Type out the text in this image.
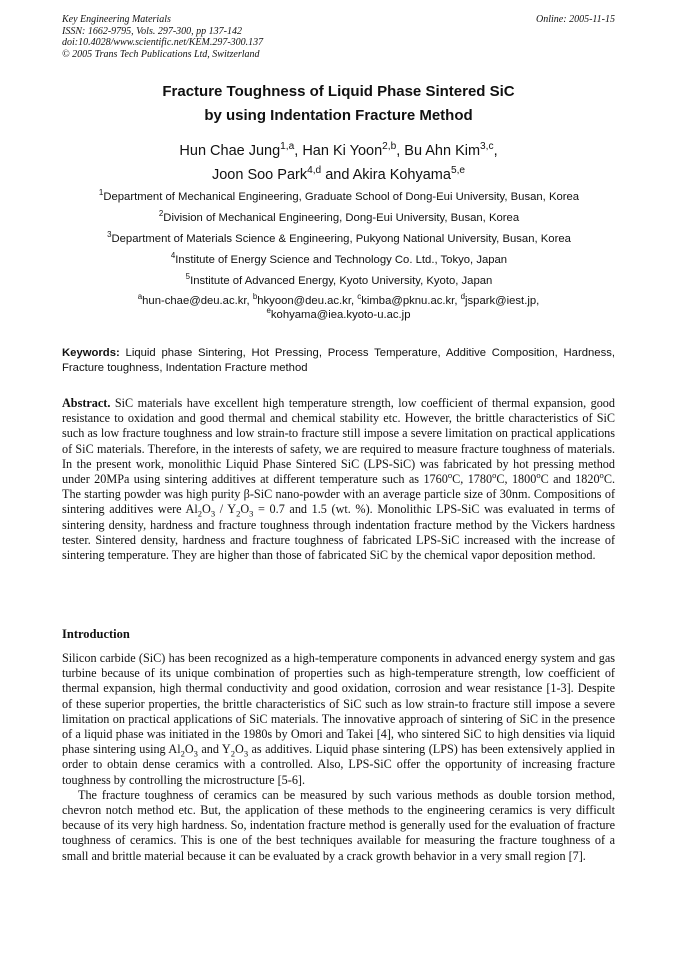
Key Engineering Materials
ISSN: 1662-9795, Vols. 297-300, pp 137-142
doi:10.4028/www.scientific.net/KEM.297-300.137
© 2005 Trans Tech Publications Ltd, Switzerland
Online: 2005-11-15
Fracture Toughness of Liquid Phase Sintered SiC
by using Indentation Fracture Method
Hun Chae Jung$^{1,a}$, Han Ki Yoon$^{2,b}$, Bu Ahn Kim$^{3,c}$,
Joon Soo Park$^{4,d}$ and Akira Kohyama$^{5,e}$
$^1$Department of Mechanical Engineering, Graduate School of Dong-Eui University, Busan, Korea
$^2$Division of Mechanical Engineering, Dong-Eui University, Busan, Korea
$^3$Department of Materials Science & Engineering, Pukyong National University, Busan, Korea
$^4$Institute of Energy Science and Technology Co. Ltd., Tokyo, Japan
$^5$Institute of Advanced Energy, Kyoto University, Kyoto, Japan
$^a$hun-chae@deu.ac.kr, $^b$hkyoon@deu.ac.kr, $^c$kimba@pknu.ac.kr, $^d$jspark@iest.jp,
$^e$kohyama@iea.kyoto-u.ac.jp
Keywords: Liquid phase Sintering, Hot Pressing, Process Temperature, Additive Composition, Hardness, Fracture toughness, Indentation Fracture method
Abstract. SiC materials have excellent high temperature strength, low coefficient of thermal expansion, good resistance to oxidation and good thermal and chemical stability etc. However, the brittle characteristics of SiC such as low fracture toughness and low strain-to fracture still impose a severe limitation on practical applications of SiC materials. Therefore, in the interests of safety, we are required to measure fracture toughness of materials. In the present work, monolithic Liquid Phase Sintered SiC (LPS-SiC) was fabricated by hot pressing method under 20MPa using sintering additives at different temperature such as 1760$^o$C, 1780$^o$C, 1800$^o$C and 1820$^o$C. The starting powder was high purity β-SiC nano-powder with an average particle size of 30nm. Compositions of sintering additives were $Al_2O_3 / Y_2O_3 = 0.7$ and 1.5 (wt. %). Monolithic LPS-SiC was evaluated in terms of sintering density, hardness and fracture toughness through indentation fracture method by the Vickers hardness tester. Sintered density, hardness and fracture toughness of fabricated LPS-SiC increased with the increase of sintering temperature. They are higher than those of fabricated SiC by the chemical vapor deposition method.
Introduction

Silicon carbide (SiC) has been recognized as a high-temperature components in advanced energy system and gas turbine because of its unique combination of properties such as high-temperature strength, low coefficient of thermal expansion, high thermal conductivity and good oxidation, corrosion and wear resistance [1-3]. Despite of these superior properties, the brittle characteristics of SiC such as low strain-to fracture still impose a severe limitation on practical applications of SiC materials. The innovative approach of sintering of SiC in the presence of a liquid phase was initiated in the 1980s by Omori and Takei [4], who sintered SiC to high densities via liquid phase sintering using $Al_2O_3$ and $Y_2O_3$ as additives. Liquid phase sintering (LPS) has been extensively applied in order to obtain dense ceramics with a controlled. Also, LPS-SiC offer the opportunity of increasing fracture toughness by controlling the microstructure [5-6].

The fracture toughness of ceramics can be measured by such various methods as double torsion method, chevron notch method etc. But, the application of these methods to the engineering ceramics is very difficult because of its very high hardness. So, indentation fracture method is generally used for the evaluation of fracture toughness of ceramics. This is one of the best techniques available for measuring the fracture toughness of a small and brittle material because it can be evaluated by a crack growth behavior in a very small region [7].
